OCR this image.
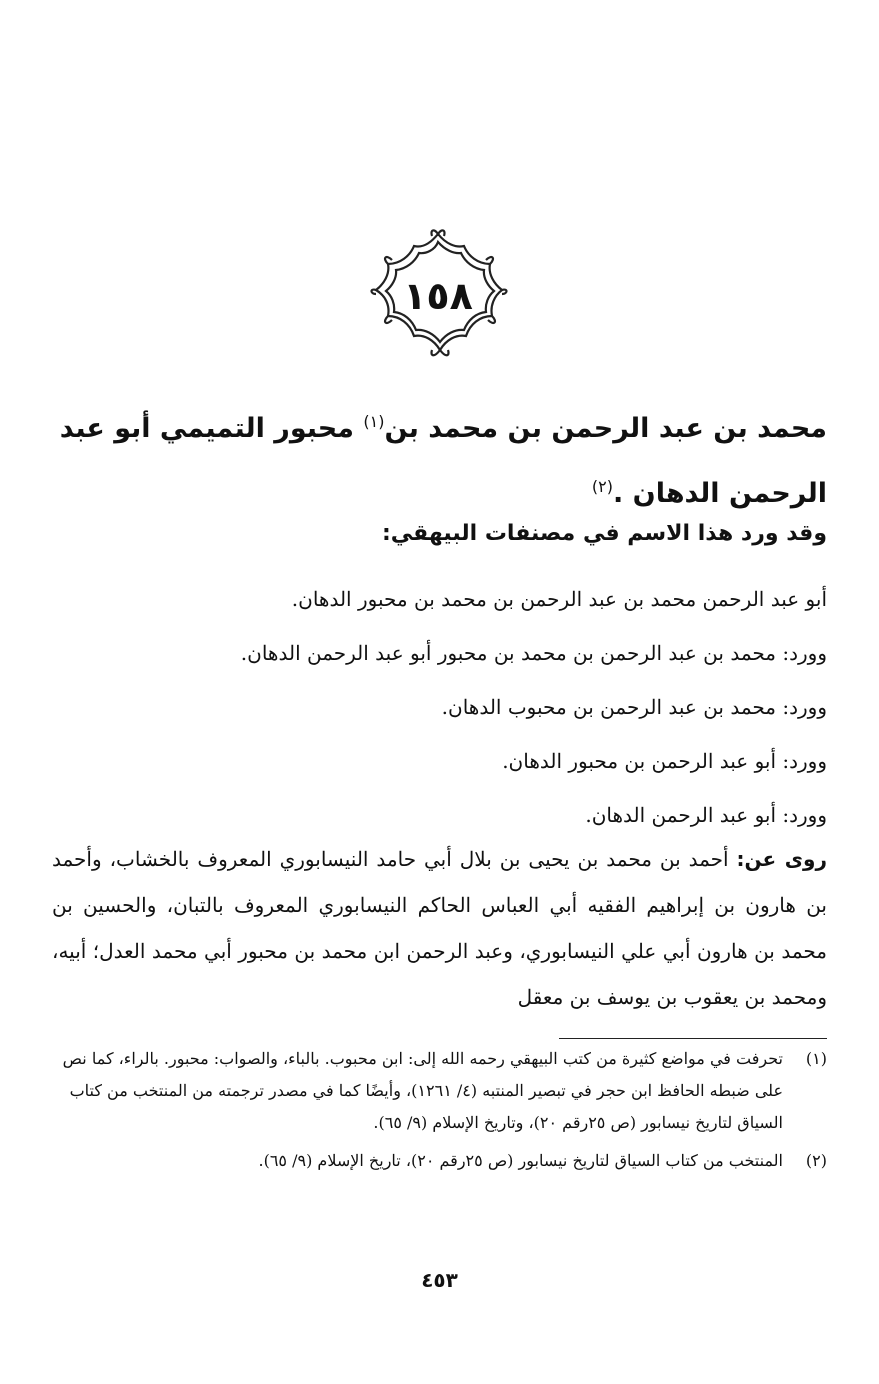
١٥٨
محمد بن عبد الرحمن بن محمد بن$^{(١)}$ محبور التميمي أبو عبد الرحمن الدهان .$^{(٢)}$
وقد ورد هذا الاسم في مصنفات البيهقي:
أبو عبد الرحمن محمد بن عبد الرحمن بن محمد بن محبور الدهان.
وورد: محمد بن عبد الرحمن بن محمد بن محبور أبو عبد الرحمن الدهان.
وورد: محمد بن عبد الرحمن بن محبوب الدهان.
وورد: أبو عبد الرحمن بن محبور الدهان.
وورد: أبو عبد الرحمن الدهان.
روى عن: أحمد بن محمد بن يحيى بن بلال أبي حامد النيسابوري المعروف بالخشاب، وأحمد بن هارون بن إبراهيم الفقيه أبي العباس الحاكم النيسابوري المعروف بالتبان، والحسين بن محمد بن هارون أبي علي النيسابوري، وعبد الرحمن ابن محمد بن محبور أبي محمد العدل؛ أبيه، ومحمد بن يعقوب بن يوسف بن معقل
(١)
تحرفت في مواضع كثيرة من كتب البيهقي رحمه الله إلى: ابن محبوب. بالباء، والصواب: محبور. بالراء، كما نص على ضبطه الحافظ ابن حجر في تبصير المنتبه (٤/ ١٢٦١)، وأيضًا كما في مصدر ترجمته من المنتخب من كتاب السياق لتاريخ نيسابور (ص ٢٥رقم ٢٠)، وتاريخ الإسلام (٩/ ٦٥).
(٢)
المنتخب من كتاب السياق لتاريخ نيسابور (ص ٢٥رقم ٢٠)، تاريخ الإسلام (٩/ ٦٥).
٤٥٣
